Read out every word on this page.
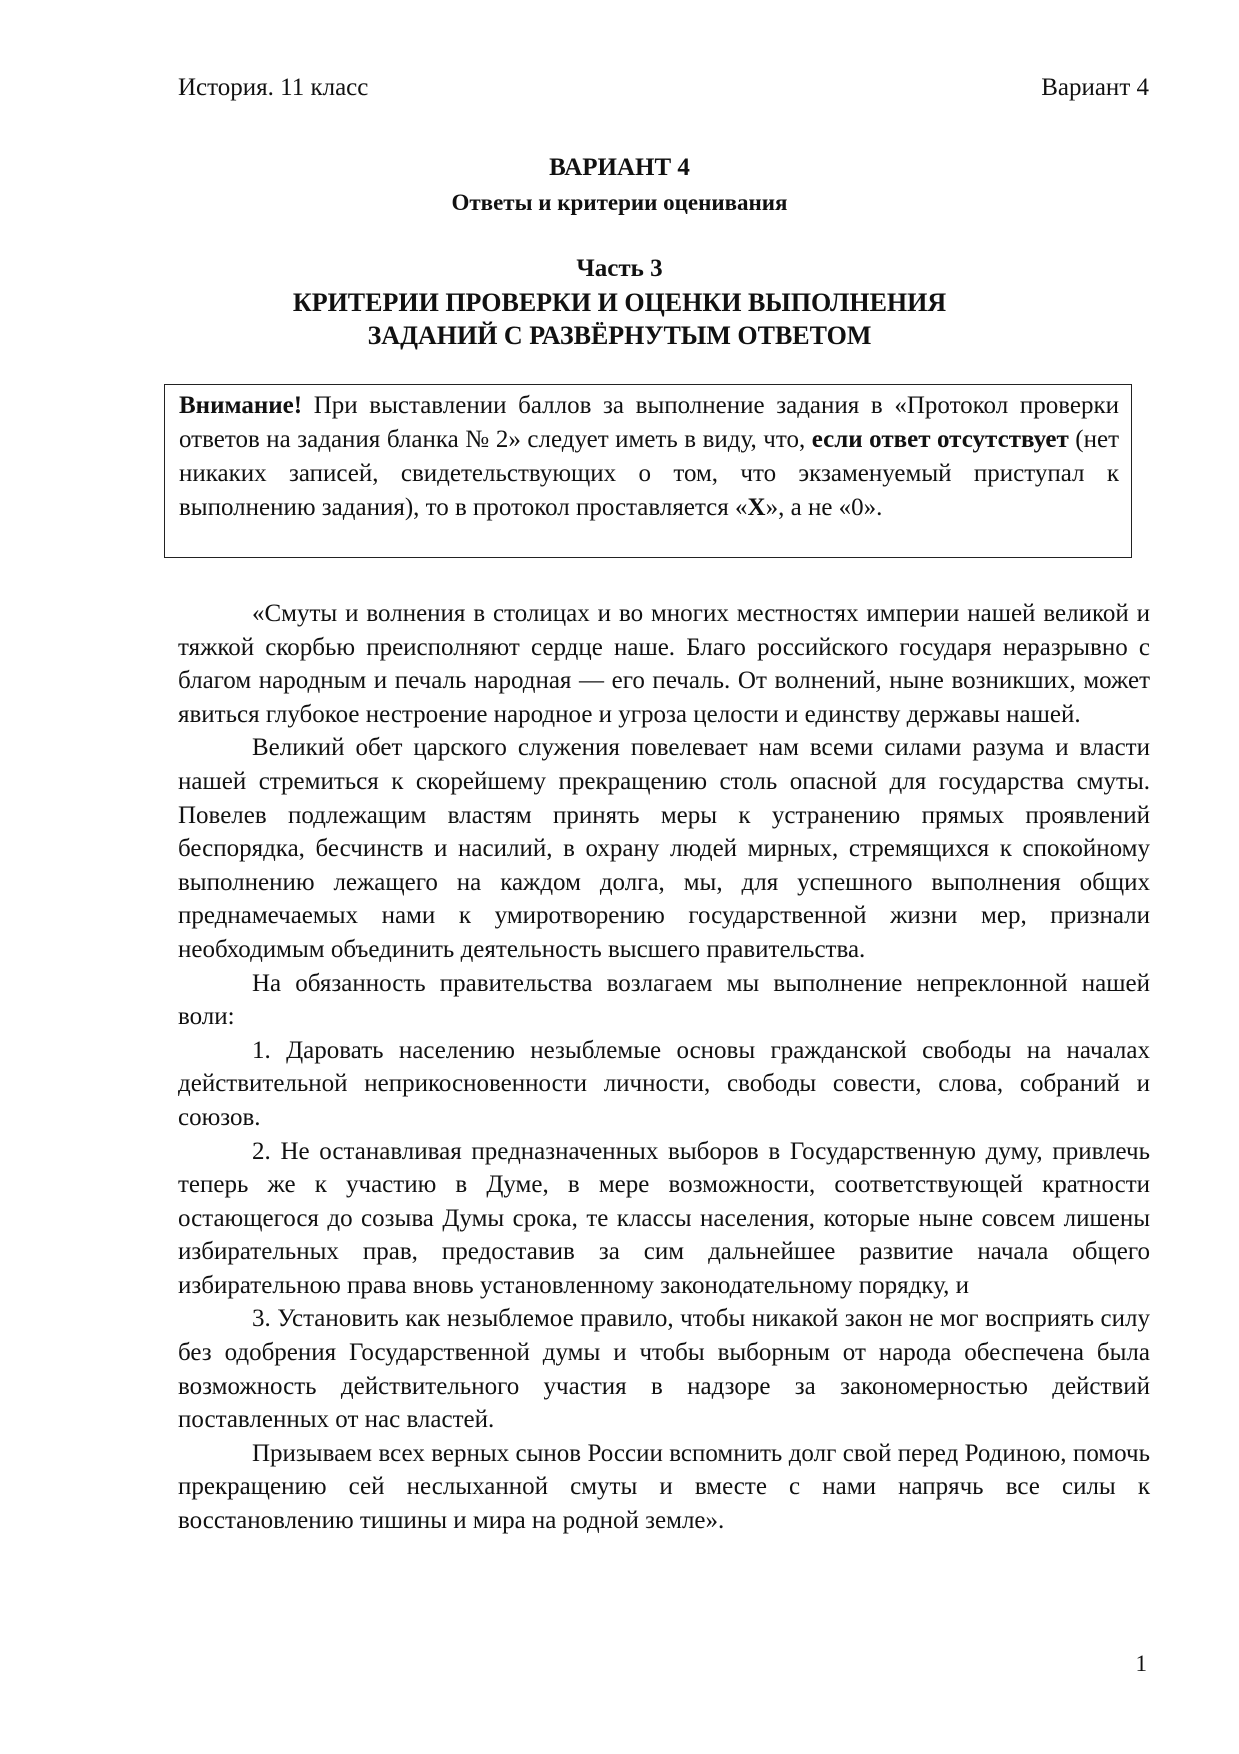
История. 11 класс	Вариант 4
ВАРИАНТ 4
Ответы и критерии оценивания
Часть 3
КРИТЕРИИ ПРОВЕРКИ И ОЦЕНКИ ВЫПОЛНЕНИЯ
ЗАДАНИЙ С РАЗВЁРНУТЫМ ОТВЕТОМ
Внимание! При выставлении баллов за выполнение задания в «Протокол проверки ответов на задания бланка № 2» следует иметь в виду, что, если ответ отсутствует (нет никаких записей, свидетельствующих о том, что экзаменуемый приступал к выполнению задания), то в протокол проставляется «Х», а не «0».

«Смуты и волнения в столицах и во многих местностях империи нашей великой и тяжкой скорбью преисполняют сердце наше. Благо российского государя неразрывно с благом народным и печаль народная — его печаль. От волнений, ныне возникших, может явиться глубокое нестроение народное и угроза целости и единству державы нашей.

Великий обет царского служения повелевает нам всеми силами разума и власти нашей стремиться к скорейшему прекращению столь опасной для государства смуты. Повелев подлежащим властям принять меры к устранению прямых проявлений беспорядка, бесчинств и насилий, в охрану людей мирных, стремящихся к спокойному выполнению лежащего на каждом долга, мы, для успешного выполнения общих преднамечаемых нами к умиротворению государственной жизни мер, признали необходимым объединить деятельность высшего правительства.

На обязанность правительства возлагаем мы выполнение непреклонной нашей воли:

1. Даровать населению незыблемые основы гражданской свободы на началах действительной неприкосновенности личности, свободы совести, слова, собраний и союзов.

2. Не останавливая предназначенных выборов в Государственную думу, привлечь теперь же к участию в Думе, в мере возможности, соответствующей кратности остающегося до созыва Думы срока, те классы населения, которые ныне совсем лишены избирательных прав, предоставив за сим дальнейшее развитие начала общего избирательною права вновь установленному законодательному порядку, и

3. Установить как незыблемое правило, чтобы никакой закон не мог восприять силу без одобрения Государственной думы и чтобы выборным от народа обеспечена была возможность действительного участия в надзоре за закономерностью действий поставленных от нас властей.

Призываем всех верных сынов России вспомнить долг свой перед Родиною, помочь прекращению сей неслыханной смуты и вместе с нами напрячь все силы к восстановлению тишины и мира на родной земле».

1
